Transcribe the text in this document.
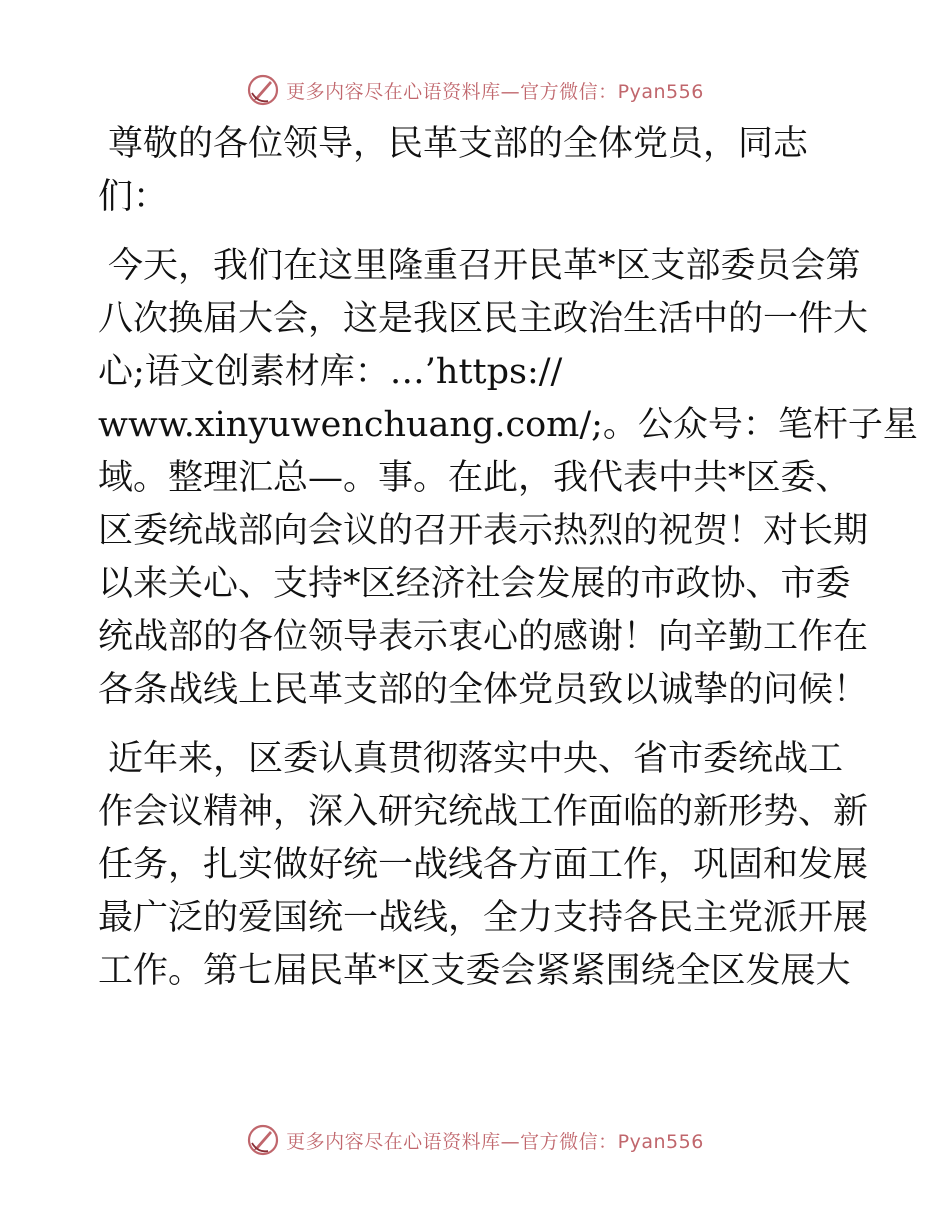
更多内容尽在心语资料库—官方微信：Pyan556
尊敬的各位领导，民革支部的全体党员，同志
们：
今天，我们在这里隆重召开民革*区支部委员会第
八次换届大会，这是我区民主政治生活中的一件大
心;语文创素材库：…’https://
www.xinyuwenchuang.com/;。公众号：笔杆子星
域。整理汇总—。事。在此，我代表中共*区委、
区委统战部向会议的召开表示热烈的祝贺！对长期
以来关心、支持*区经济社会发展的市政协、市委
统战部的各位领导表示衷心的感谢！向辛勤工作在
各条战线上民革支部的全体党员致以诚挚的问候！
近年来，区委认真贯彻落实中央、省市委统战工
作会议精神，深入研究统战工作面临的新形势、新
任务，扎实做好统一战线各方面工作，巩固和发展
最广泛的爱国统一战线，全力支持各民主党派开展
工作。第七届民革*区支委会紧紧围绕全区发展大
更多内容尽在心语资料库—官方微信：Pyan556
